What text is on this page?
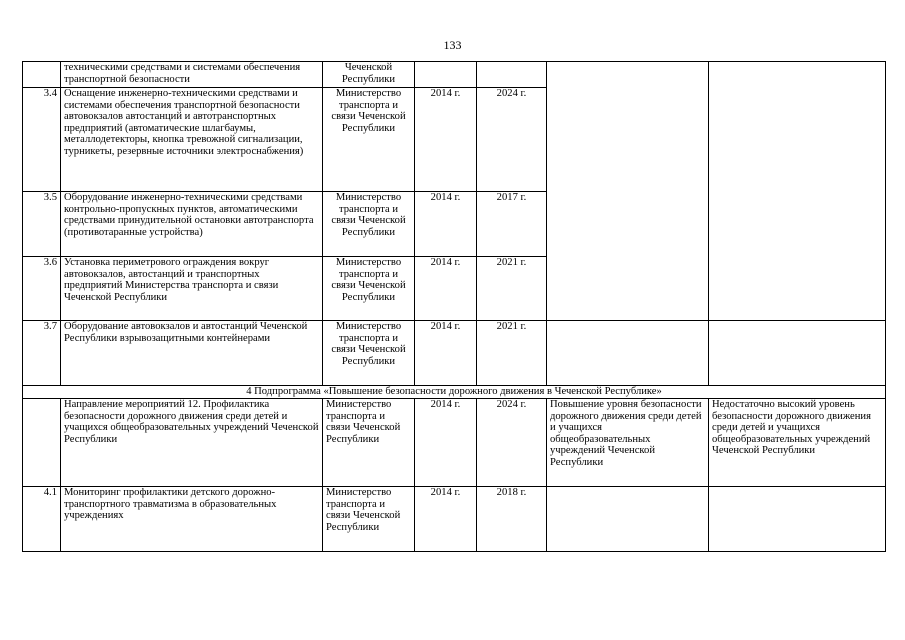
133
	техническими средствами и системами обеспечения транспортной безопасности	Чеченской Республики				
3.4	Оснащение инженерно-техническими средствами и системами обеспечения транспортной безопасности автовокзалов автостанций и автотранспортных предприятий (автоматические шлагбаумы, металлодетекторы, кнопка тревожной сигнализации, турникеты, резервные источники электроснабжения)	Министерство транспорта и связи Чеченской Республики	2014 г.	2024 г.		
3.5	Оборудование инженерно-техническими средствами контрольно-пропускных пунктов, автоматическими средствами принудительной остановки автотранспорта (противотаранные устройства)	Министерство транспорта и связи Чеченской Республики	2014 г.	2017 г.		
3.6	Установка периметрового ограждения вокруг автовокзалов, автостанций и транспортных предприятий Министерства транспорта и связи Чеченской Республики	Министерство транспорта и связи Чеченской Республики	2014 г.	2021 г.		
3.7	Оборудование автовокзалов и автостанций Чеченской Республики взрывозащитными контейнерами	Министерство транспорта и связи Чеченской Республики	2014 г.	2021 г.		
4 Подпрограмма «Повышение безопасности дорожного движения в Чеченской Республике»						
	Направление мероприятий 12. Профилактика безопасности дорожного движения среди детей и учащихся общеобразовательных учреждений Чеченской Республики	Министерство транспорта и связи Чеченской Республики	2014 г.	2024 г.	Повышение уровня безопасности дорожного движения среди детей и учащихся общеобразовательных учреждений Чеченской Республики	Недостаточно высокий уровень безопасности дорожного движения среди детей и учащихся общеобразовательных учреждений Чеченской Республики
4.1	Мониторинг профилактики детского дорожно-транспортного травматизма в образовательных учреждениях	Министерство транспорта и связи Чеченской Республики	2014 г.	2018 г.		
